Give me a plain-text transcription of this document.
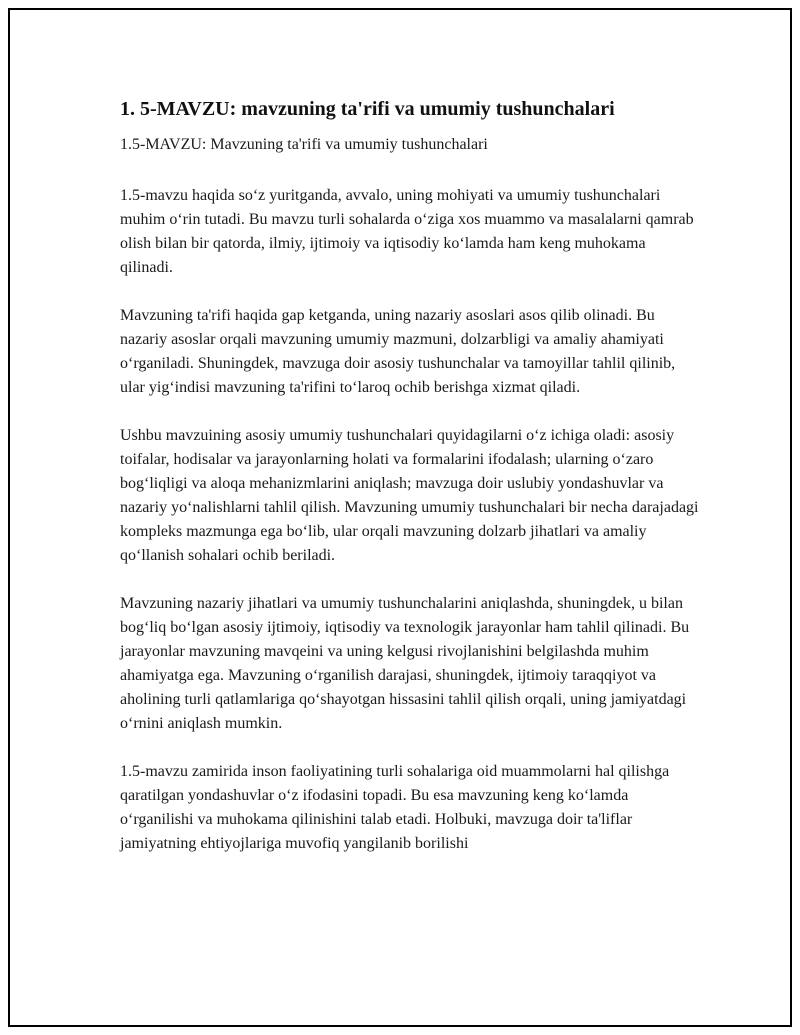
1. 5-MAVZU: mavzuning ta'rifi va umumiy tushunchalari

1.5-MAVZU: Mavzuning ta'rifi va umumiy tushunchalari

1.5-mavzu haqida so‘z yuritganda, avvalo, uning mohiyati va umumiy tushunchalari muhim o‘rin tutadi. Bu mavzu turli sohalarda o‘ziga xos muammo va masalalarni qamrab olish bilan bir qatorda, ilmiy, ijtimoiy va iqtisodiy ko‘lamda ham keng muhokama qilinadi.

Mavzuning ta'rifi haqida gap ketganda, uning nazariy asoslari asos qilib olinadi. Bu nazariy asoslar orqali mavzuning umumiy mazmuni, dolzarbligi va amaliy ahamiyati o‘rganiladi. Shuningdek, mavzuga doir asosiy tushunchalar va tamoyillar tahlil qilinib, ular yig‘indisi mavzuning ta'rifini to‘laroq ochib berishga xizmat qiladi.

Ushbu mavzuining asosiy umumiy tushunchalari quyidagilarni o‘z ichiga oladi: asosiy toifalar, hodisalar va jarayonlarning holati va formalarini ifodalash; ularning o‘zaro bog‘liqligi va aloqa mehanizmlarini aniqlash; mavzuga doir uslubiy yondashuvlar va nazariy yo‘nalishlarni tahlil qilish. Mavzuning umumiy tushunchalari bir necha darajadagi kompleks mazmunga ega bo‘lib, ular orqali mavzuning dolzarb jihatlari va amaliy qo‘llanish sohalari ochib beriladi.

Mavzuning nazariy jihatlari va umumiy tushunchalarini aniqlashda, shuningdek, u bilan bog‘liq bo‘lgan asosiy ijtimoiy, iqtisodiy va texnologik jarayonlar ham tahlil qilinadi. Bu jarayonlar mavzuning mavqeini va uning kelgusi rivojlanishini belgilashda muhim ahamiyatga ega. Mavzuning o‘rganilish darajasi, shuningdek, ijtimoiy taraqqiyot va aholining turli qatlamlariga qo‘shayotgan hissasini tahlil qilish orqali, uning jamiyatdagi o‘rnini aniqlash mumkin.

1.5-mavzu zamirida inson faoliyatining turli sohalariga oid muammolarni hal qilishga qaratilgan yondashuvlar o‘z ifodasini topadi. Bu esa mavzuning keng ko‘lamda o‘rganilishi va muhokama qilinishini talab etadi. Holbuki, mavzuga doir ta'liflar jamiyatning ehtiyojlariga muvofiq yangilanib borilishi
